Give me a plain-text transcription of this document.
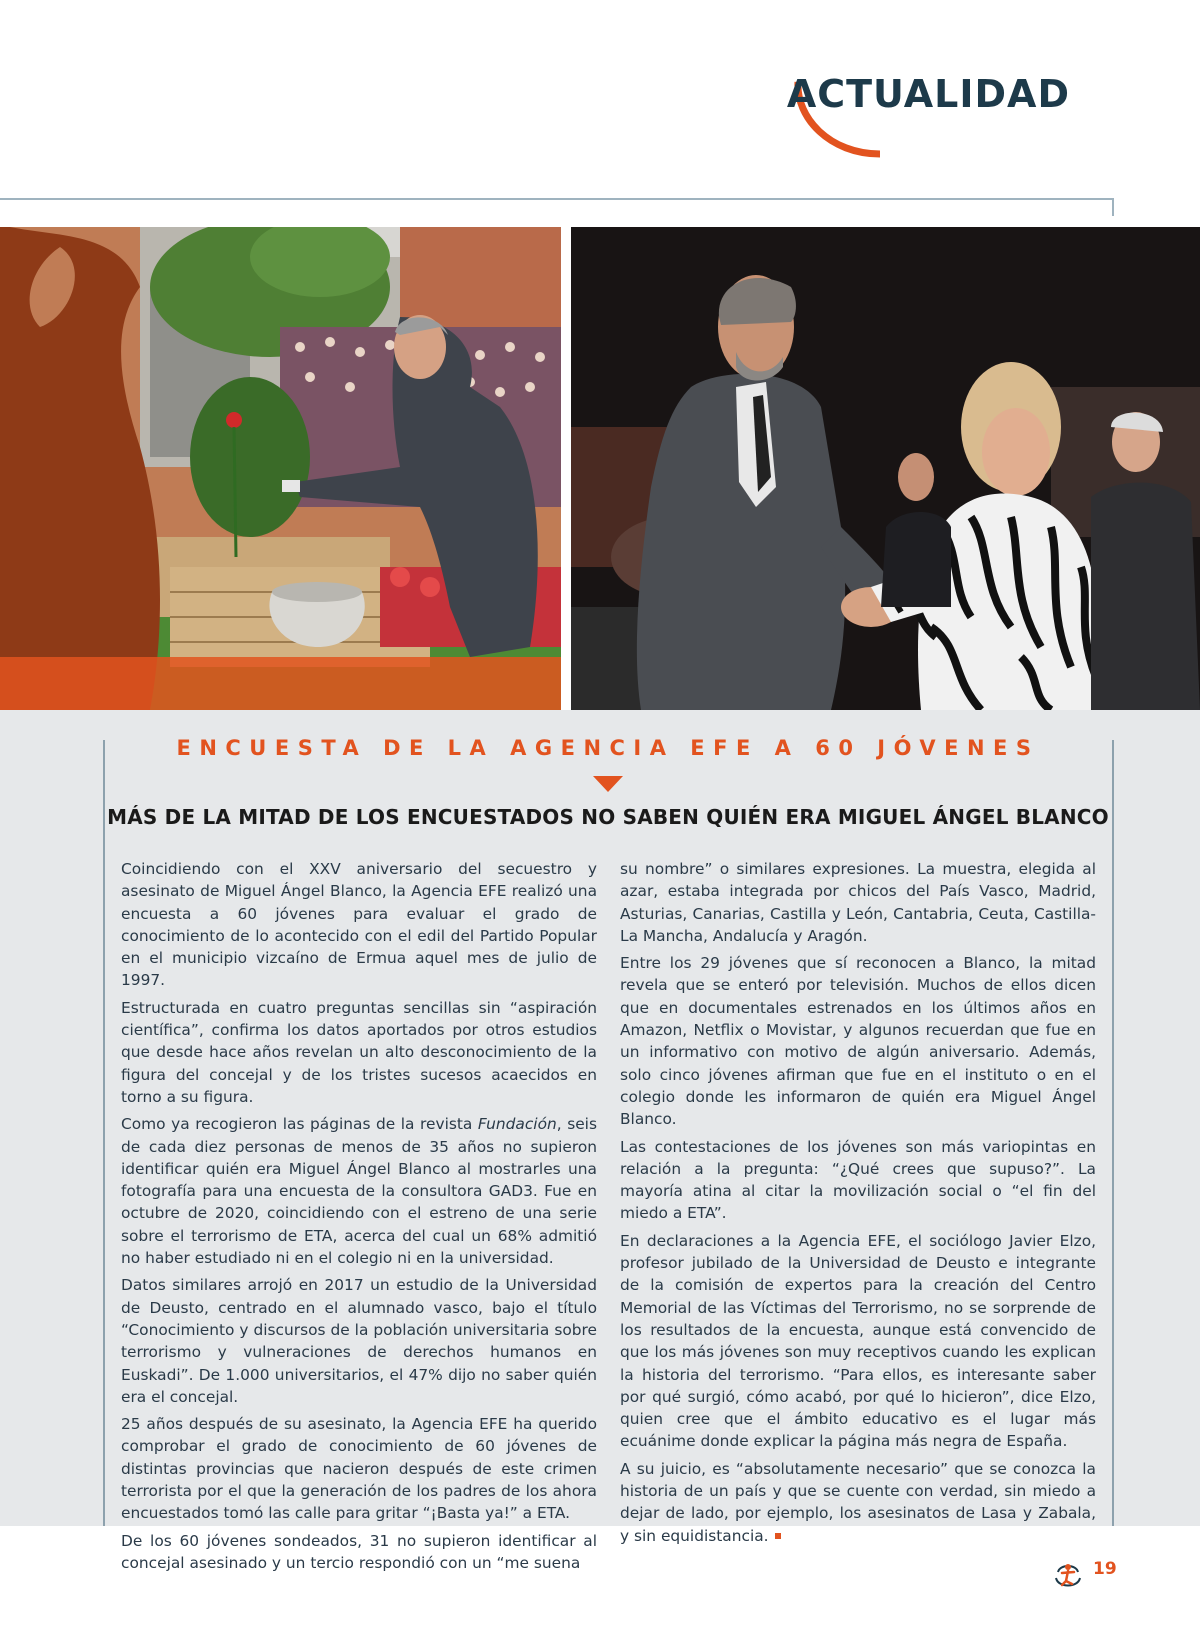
ACTUALIDAD
ENCUESTA DE LA AGENCIA EFE A 60 JÓVENES
MÁS DE LA MITAD DE LOS ENCUESTADOS NO SABEN QUIÉN ERA MIGUEL ÁNGEL BLANCO

Coincidiendo con el XXV aniversario del secuestro y asesinato de Miguel Ángel Blanco, la Agencia EFE realizó una encuesta a 60 jóvenes para evaluar el grado de conocimiento de lo acontecido con el edil del Partido Popular en el municipio vizcaíno de Ermua aquel mes de julio de 1997.

Estructurada en cuatro preguntas sencillas sin “aspiración científica”, confirma los datos aportados por otros estudios que desde hace años revelan un alto desconocimiento de la figura del concejal y de los tristes sucesos acaecidos en torno a su figura.

Como ya recogieron las páginas de la revista Fundación, seis de cada diez personas de menos de 35 años no supieron identificar quién era Miguel Ángel Blanco al mostrarles una fotografía para una encuesta de la consultora GAD3. Fue en octubre de 2020, coincidiendo con el estreno de una serie sobre el terrorismo de ETA, acerca del cual un 68% admitió no haber estudiado ni en el colegio ni en la universidad.

Datos similares arrojó en 2017 un estudio de la Universidad de Deusto, centrado en el alumnado vasco, bajo el título “Conocimiento y discursos de la población universitaria sobre terrorismo y vulneraciones de derechos humanos en Euskadi”. De 1.000 universitarios, el 47% dijo no saber quién era el concejal.

25 años después de su asesinato, la Agencia EFE ha querido comprobar el grado de conocimiento de 60 jóvenes de distintas provincias que nacieron después de este crimen terrorista por el que la generación de los padres de los ahora encuestados tomó las calle para gritar “¡Basta ya!” a ETA.

De los 60 jóvenes sondeados, 31 no supieron identificar al concejal asesinado y un tercio respondió con un “me suena

su nombre” o similares expresiones. La muestra, elegida al azar, estaba integrada por chicos del País Vasco, Madrid, Asturias, Canarias, Castilla y León, Cantabria, Ceuta, Castilla-La Mancha, Andalucía y Aragón.

Entre los 29 jóvenes que sí reconocen a Blanco, la mitad revela que se enteró por televisión. Muchos de ellos dicen que en documentales estrenados en los últimos años en Amazon, Netflix o Movistar, y algunos recuerdan que fue en un informativo con motivo de algún aniversario. Además, solo cinco jóvenes afirman que fue en el instituto o en el colegio donde les informaron de quién era Miguel Ángel Blanco.

Las contestaciones de los jóvenes son más variopintas en relación a la pregunta: “¿Qué crees que supuso?”. La mayoría atina al citar la movilización social o “el fin del miedo a ETA”.

En declaraciones a la Agencia EFE, el sociólogo Javier Elzo, profesor jubilado de la Universidad de Deusto e integrante de la comisión de expertos para la creación del Centro Memorial de las Víctimas del Terrorismo, no se sorprende de los resultados de la encuesta, aunque está convencido de que los más jóvenes son muy receptivos cuando les explican la historia del terrorismo. “Para ellos, es interesante saber por qué surgió, cómo acabó, por qué lo hicieron”, dice Elzo, quien cree que el ámbito educativo es el lugar más ecuánime donde explicar la página más negra de España.

A su juicio, es “absolutamente necesario” que se conozca la historia de un país y que se cuente con verdad, sin miedo a dejar de lado, por ejemplo, los asesinatos de Lasa y Zabala, y sin equidistancia.

19
